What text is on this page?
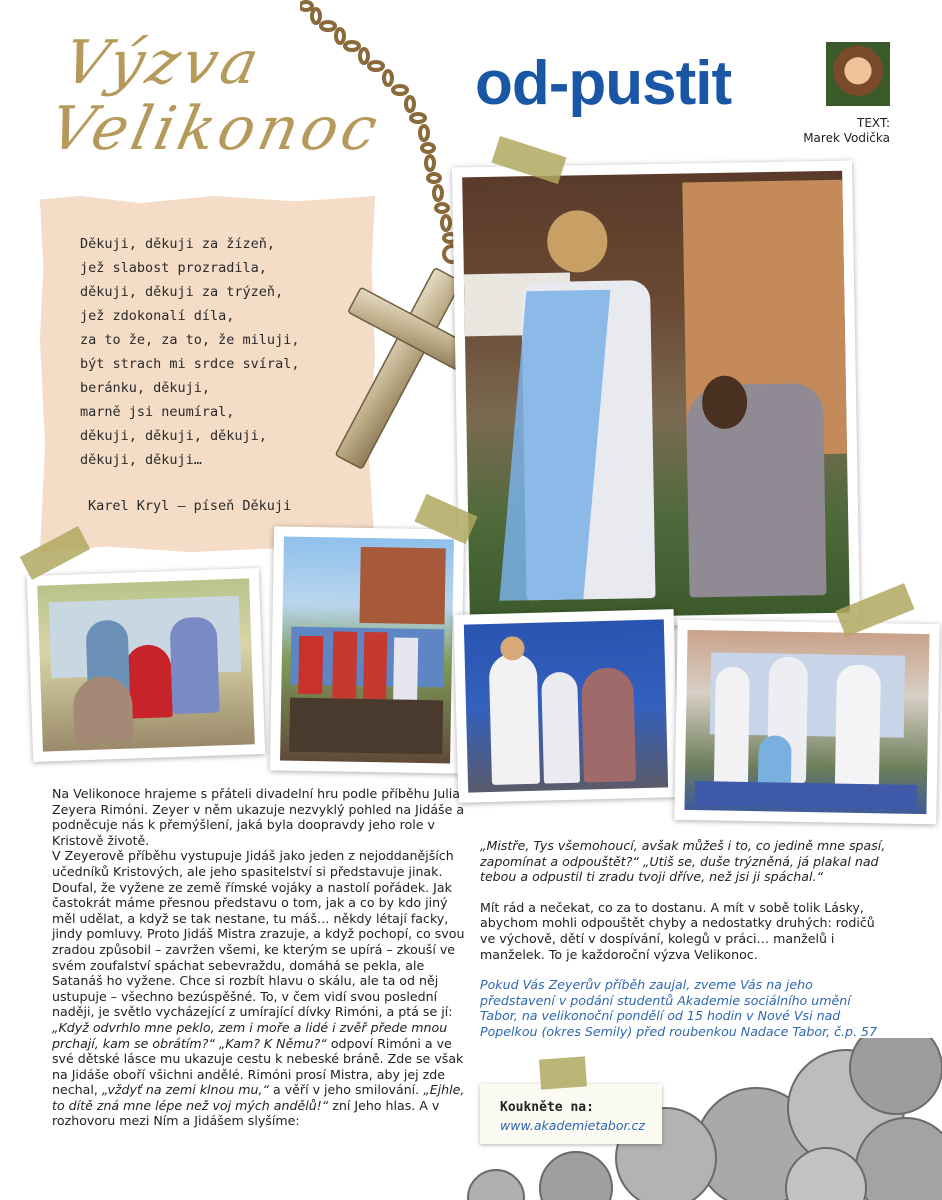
Výzva
Velikonoc
od-pustit
TEXT:
Marek Vodička
Děkuji, děkuji za žízeň,
jež slabost prozradila,
děkuji, děkuji za trýzeň,
jež zdokonalí díla,
za to že, za to, že miluji,
být strach mi srdce svíral,
beránku, děkuji,
marně jsi neumíral,
děkuji, děkuji, děkuji,
děkuji, děkuji…
Karel Kryl – píseň Děkuji

Na Velikonoce hrajeme s přáteli divadelní hru podle příběhu Julia Zeyera Rimóni. Zeyer v něm ukazuje nezvyklý pohled na Jidáše a podněcuje nás k přemýšlení, jaká byla doopravdy jeho role v Kristově životě.

V Zeyerově příběhu vystupuje Jidáš jako jeden z nejoddanějších učedníků Kristových, ale jeho spasitelství si představuje jinak. Doufal, že vyžene ze země římské vojáky a nastolí pořádek. Jak častokrát máme přesnou představu o tom, jak a co by kdo jiný měl udělat, a když se tak nestane, tu máš… někdy létají facky, jindy pomluvy. Proto Jidáš Mistra zrazuje, a když pochopí, co svou zradou způsobil – zavržen všemi, ke kterým se upírá – zkouší ve svém zoufalství spáchat sebevraždu, domáhá se pekla, ale Satanáš ho vyžene. Chce si rozbít hlavu o skálu, ale ta od něj ustupuje – všechno bezúspěšné. To, v čem vidí svou poslední naději, je světlo vycházející z umírající dívky Rimóni, a ptá se jí: „Když odvrhlo mne peklo, zem i moře a lidé i zvěř předе mnou prchají, kam se obrátím?“ „Kam? K Němu?“ odpoví Rimóni a ve své dětské lásce mu ukazuje cestu k nebeské bráně. Zde se však na Jidáše oboří všichni andělé. Rimóni prosí Mistra, aby jej zde nechal, „vždyť na zemi klnou mu,“ a věří v jeho smilování. „Ejhle, to dítě zná mne lépe než voj mých andělů!“ zní Jeho hlas. A v rozhovoru mezi Ním a Jidášem slyšíme:

„Mistře, Tys všemohoucí, avšak můžeš i to, co jedině mne spasí, zapomínat a odpouštět?“ „Utiš se, duše trýzněná, já plakal nad tebou a odpustil ti zradu tvoji dříve, než jsi ji spáchal.“

Mít rád a nečekat, co za to dostanu. A mít v sobě tolik Lásky, abychom mohli odpouštět chyby a nedostatky druhých: rodičů ve výchově, dětí v dospívání, kolegů v práci… manželů i manželek. To je každoroční výzva Velikonoc.

Pokud Vás Zeyerův příběh zaujal, zveme Vás na jeho představení v podání studentů Akademie sociálního umění Tabor, na velikonoční pondělí od 15 hodin v Nové Vsi nad Popelkou (okres Semily) před roubenkou Nadace Tabor, č.p. 57

Koukněte na:
www.akademietabor.cz
